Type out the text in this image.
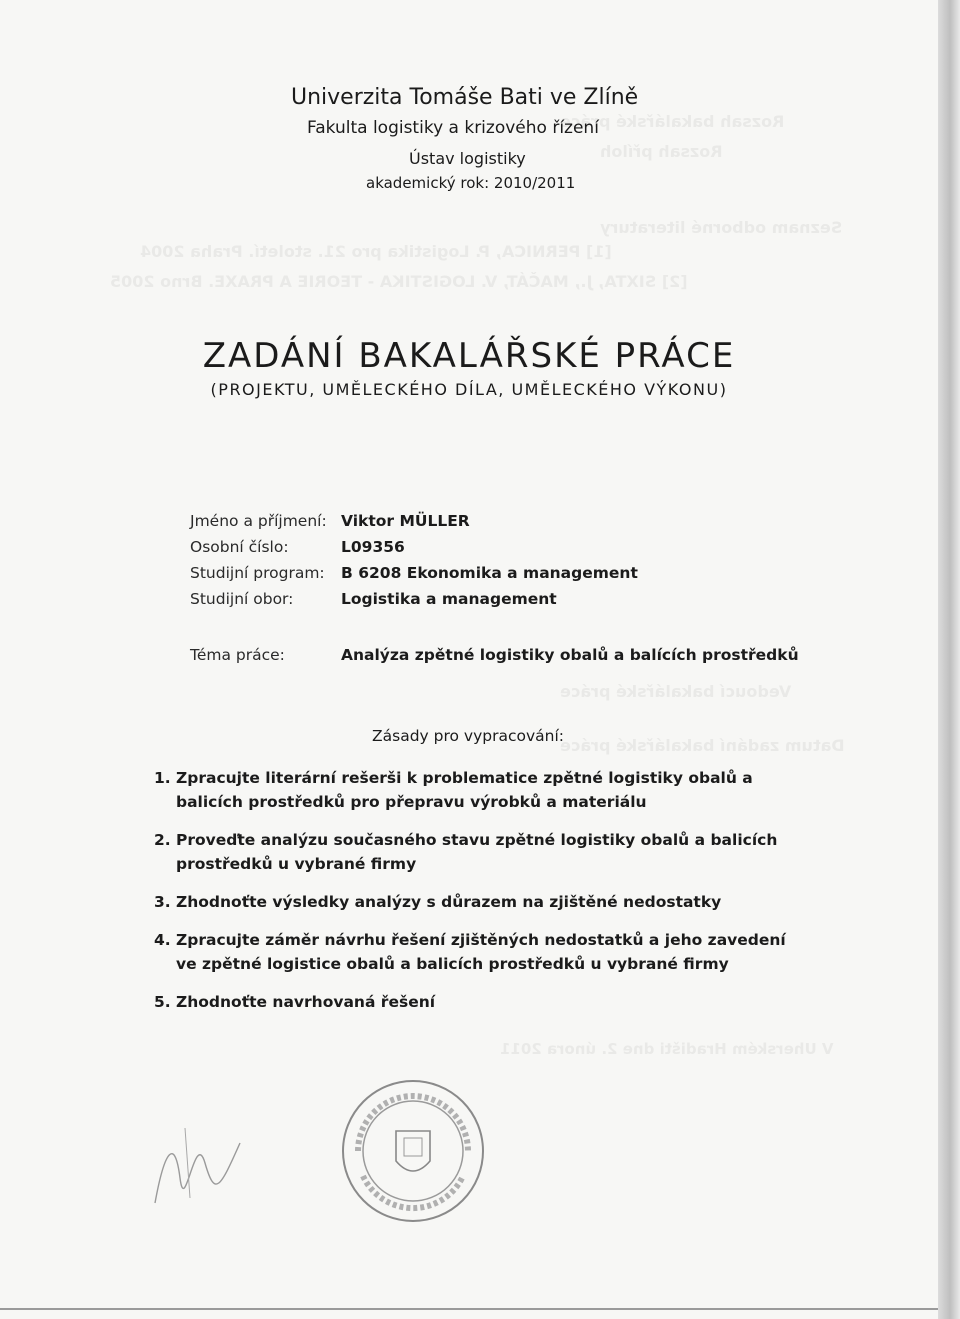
Rozsah bakalářské práce
Rozsah příloh
Seznam odborné literatury
[1] PERNICA, P. Logistika pro 21. století. Praha 2004
[2] SIXTA, J., MAČÁT, V. LOGISTIKA - TEORIE A PRAXE. Brno 2005
Vedoucí bakalářské práce
Datum zadání bakalářské práce
V Uherském Hradišti dne 2. února 2011
Univerzita Tomáše Bati ve Zlíně
Fakulta logistiky a krizového řízení
Ústav logistiky
akademický rok: 2010/2011
ZADÁNÍ BAKALÁŘSKÉ PRÁCE
(PROJEKTU, UMĚLECKÉHO DÍLA, UMĚLECKÉHO VÝKONU)
Jméno a příjmení: Viktor MÜLLER
Osobní číslo:	L09356
Studijní program: B 6208 Ekonomika a management
Studijní obor:	Logistika a management
Téma práce:	Analýza zpětné logistiky obalů a balících prostředků
Zásady pro vypracování:
1. Zpracujte literární rešerši k problematice zpětné logistiky obalů a balicích prostředků pro přepravu výrobků a materiálu
2. Proveďte analýzu současného stavu zpětné logistiky obalů a balicích prostředků u vybrané firmy
3. Zhodnoťte výsledky analýzy s důrazem na zjištěné nedostatky
4. Zpracujte záměr návrhu řešení zjištěných nedostatků a jeho zavedení ve zpětné logistice obalů a balicích prostředků u vybrané firmy
5. Zhodnoťte navrhovaná řešení
